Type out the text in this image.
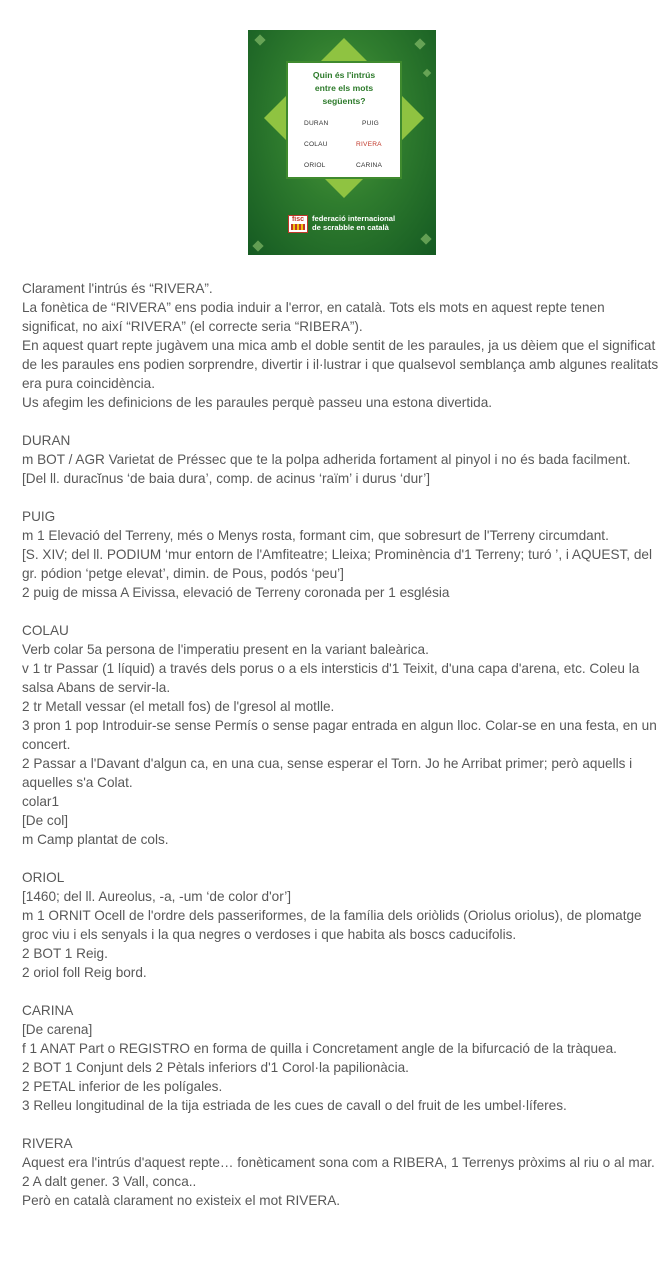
Quin és l'intrús
entre els mots
següents?
DURAN	PUIG
COLAU	RIVERA
ORIOL	CARINA
fisc	federació internacional
de scrabble en català

Clarament l'intrús és “RIVERA”.

La fonètica de “RIVERA” ens podia induir a l'error, en català. Tots els mots en aquest repte tenen significat, no així “RIVERA” (el correcte seria “RIBERA”).

En aquest quart repte jugàvem una mica amb el doble sentit de les paraules, ja us dèiem que el significat de les paraules ens podien sorprendre, divertir i il·lustrar i que qualsevol semblança amb algunes realitats era pura coincidència.

Us afegim les definicions de les paraules perquè passeu una estona divertida.

DURAN

m BOT / AGR Varietat de Préssec que te la polpa adherida fortament al pinyol i no és bada facilment.

[Del ll. duracĭnus ‘de baia dura’, comp. de acinus ‘raïm’ i durus ‘dur’]

PUIG

m 1 Elevació del Terreny, més o Menys rosta, formant cim, que sobresurt de l'Terreny circumdant.

[S. XIV; del ll. PODIUM ‘mur entorn de l'Amfiteatre; Lleixa; Prominència d'1 Terreny; turó ’, i AQUEST, del gr. pódion ‘petge elevat’, dimin. de Pous, podós ‘peu’]

2 puig de missa A Eivissa, elevació de Terreny coronada per 1 església

COLAU

Verb colar 5a persona de l'imperatiu present en la variant baleàrica.

v 1 tr Passar (1 líquid) a través dels porus o a els intersticis d'1 Teixit, d'una capa d'arena, etc. Coleu la salsa Abans de servir-la.

2 tr Metall vessar (el metall fos) de l'gresol al motlle.

3 pron 1 pop Introduir-se sense Permís o sense pagar entrada en algun lloc. Colar-se en una festa, en un concert.

2 Passar a l'Davant d'algun ca, en una cua, sense esperar el Torn. Jo he Arribat primer; però aquells i aquelles s'a Colat.

colar1

[De col]

m Camp plantat de cols.

ORIOL

[1460; del ll. Aureolus, -a, -um ‘de color d'or’]

m 1 ORNIT Ocell de l'ordre dels passeriformes, de la família dels oriòlids (Oriolus oriolus), de plomatge groc viu i els senyals i la qua negres o verdoses i que habita als boscs caducifolis.

2 BOT 1 Reig.

2 oriol foll Reig bord.

CARINA

[De carena]

f 1 ANAT Part o REGISTRO en forma de quilla i Concretament angle de la bifurcació de la tràquea.

2 BOT 1 Conjunt dels 2 Pètals inferiors d'1 Corol·la papilionàcia.

2 PETAL inferior de les polígales.

3 Relleu longitudinal de la tija estriada de les cues de cavall o del fruit de les umbel·líferes.

RIVERA

Aquest era l'intrús d'aquest repte… fonèticament sona com a RIBERA, 1 Terrenys pròxims al riu o al mar. 2 A dalt gener. 3 Vall, conca..

Però en català clarament no existeix el mot RIVERA.
